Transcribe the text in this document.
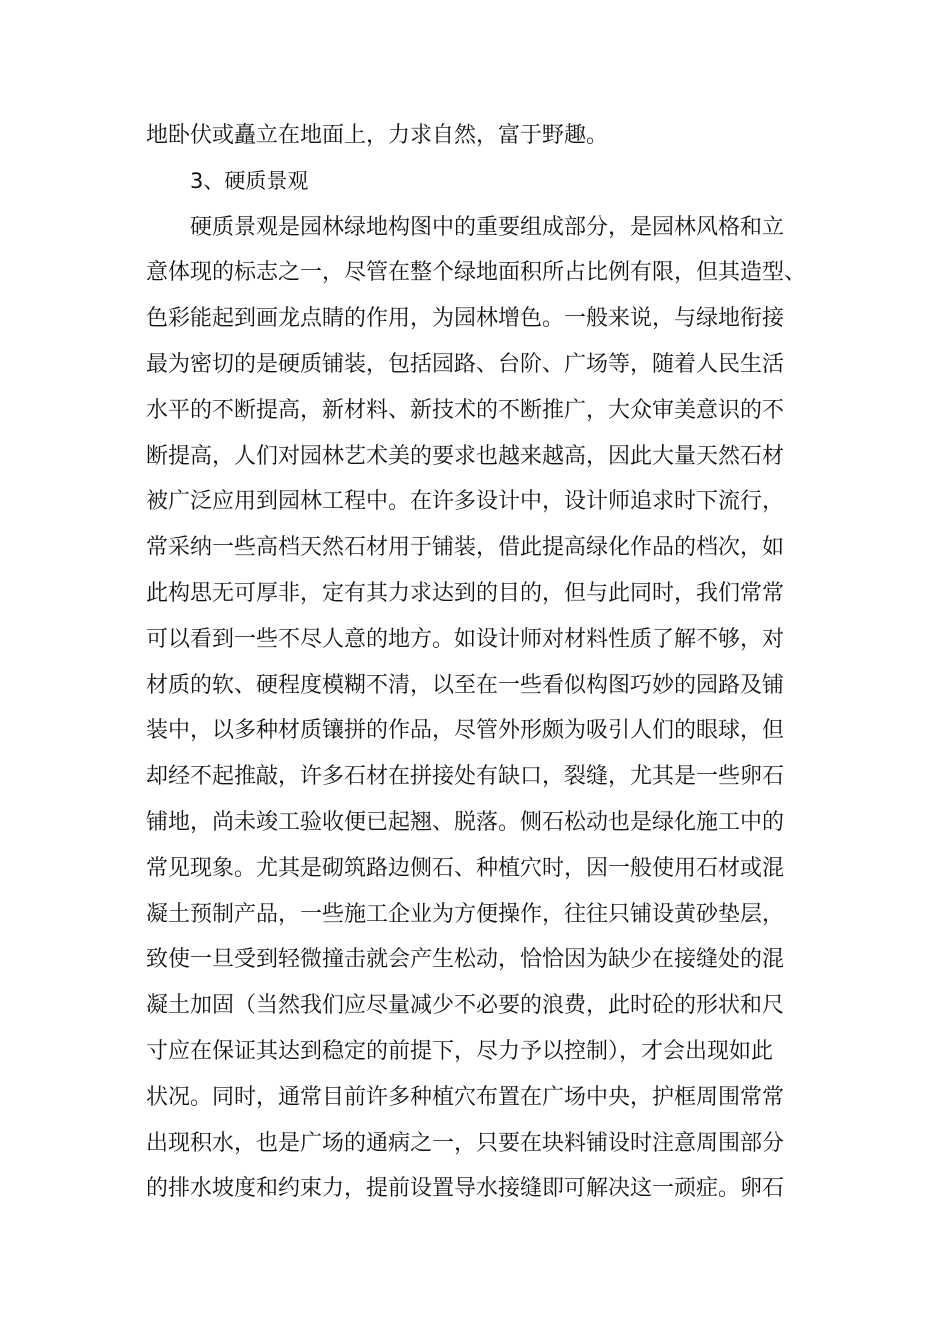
地卧伏或矗立在地面上，力求自然，富于野趣。
3、硬质景观
硬质景观是园林绿地构图中的重要组成部分，是园林风格和立
意体现的标志之一，尽管在整个绿地面积所占比例有限，但其造型、
色彩能起到画龙点睛的作用，为园林增色。一般来说，与绿地衔接
最为密切的是硬质铺装，包括园路、台阶、广场等，随着人民生活
水平的不断提高，新材料、新技术的不断推广，大众审美意识的不
断提高，人们对园林艺术美的要求也越来越高，因此大量天然石材
被广泛应用到园林工程中。在许多设计中，设计师追求时下流行，
常采纳一些高档天然石材用于铺装，借此提高绿化作品的档次，如
此构思无可厚非，定有其力求达到的目的，但与此同时，我们常常
可以看到一些不尽人意的地方。如设计师对材料性质了解不够，对
材质的软、硬程度模糊不清，以至在一些看似构图巧妙的园路及铺
装中，以多种材质镶拼的作品，尽管外形颇为吸引人们的眼球，但
却经不起推敲，许多石材在拼接处有缺口，裂缝，尤其是一些卵石
铺地，尚未竣工验收便已起翘、脱落。侧石松动也是绿化施工中的
常见现象。尤其是砌筑路边侧石、种植穴时，因一般使用石材或混
凝土预制产品，一些施工企业为方便操作，往往只铺设黄砂垫层，
致使一旦受到轻微撞击就会产生松动，恰恰因为缺少在接缝处的混
凝土加固（当然我们应尽量减少不必要的浪费，此时砼的形状和尺
寸应在保证其达到稳定的前提下，尽力予以控制），才会出现如此
状况。同时，通常目前许多种植穴布置在广场中央，护框周围常常
出现积水，也是广场的通病之一，只要在块料铺设时注意周围部分
的排水坡度和约束力，提前设置导水接缝即可解决这一顽症。卵石
